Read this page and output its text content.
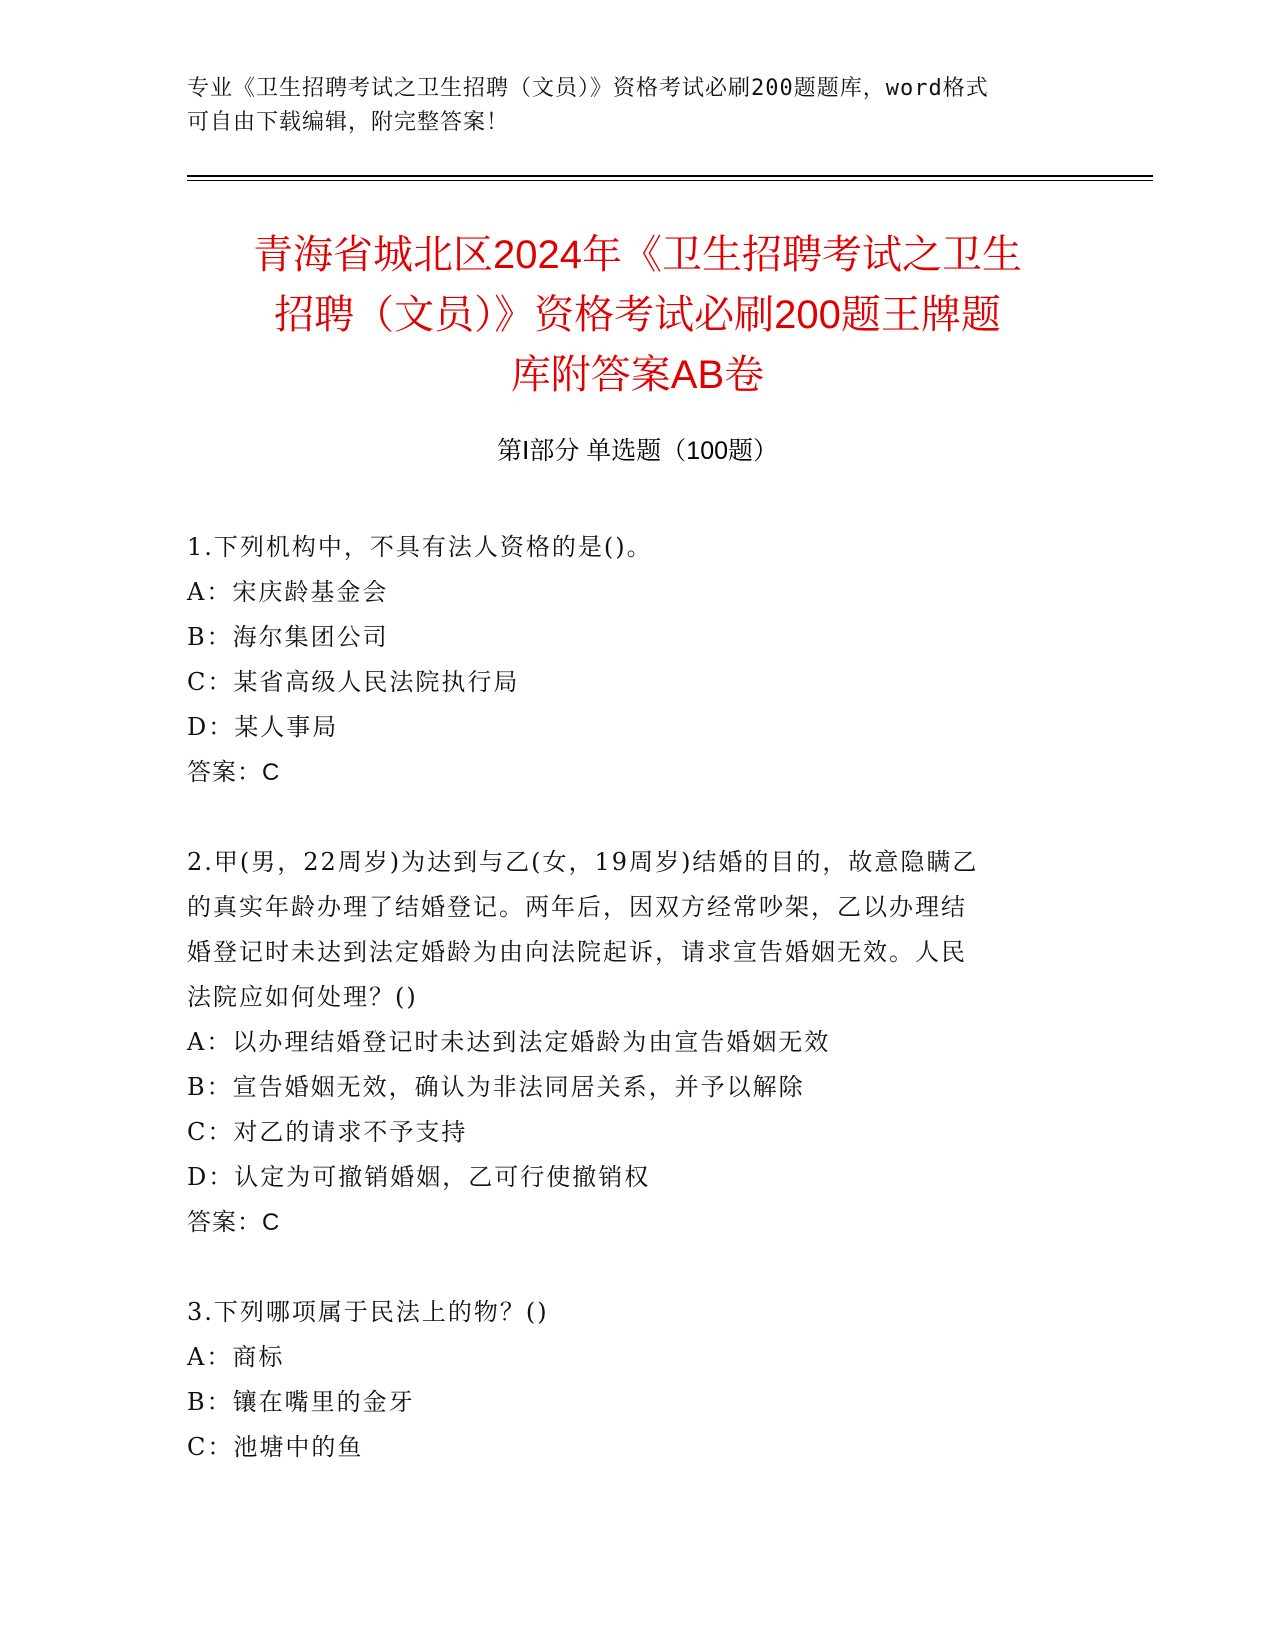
专业《卫生招聘考试之卫生招聘（文员）》资格考试必刷200题题库，word格式
可自由下载编辑，附完整答案！
青海省城北区2024年《卫生招聘考试之卫生
招聘（文员）》资格考试必刷200题王牌题
库附答案AB卷
第Ⅰ部分 单选题（100题）

1.下列机构中，不具有法人资格的是()。

A：宋庆龄基金会

B：海尔集团公司

C：某省高级人民法院执行局

D：某人事局

答案：C

2.甲(男，22周岁)为达到与乙(女，19周岁)结婚的目的，故意隐瞒乙

的真实年龄办理了结婚登记。两年后，因双方经常吵架，乙以办理结

婚登记时未达到法定婚龄为由向法院起诉，请求宣告婚姻无效。人民

法院应如何处理？()

A：以办理结婚登记时未达到法定婚龄为由宣告婚姻无效

B：宣告婚姻无效，确认为非法同居关系，并予以解除

C：对乙的请求不予支持

D：认定为可撤销婚姻，乙可行使撤销权

答案：C

3.下列哪项属于民法上的物？()

A：商标

B：镶在嘴里的金牙

C：池塘中的鱼
